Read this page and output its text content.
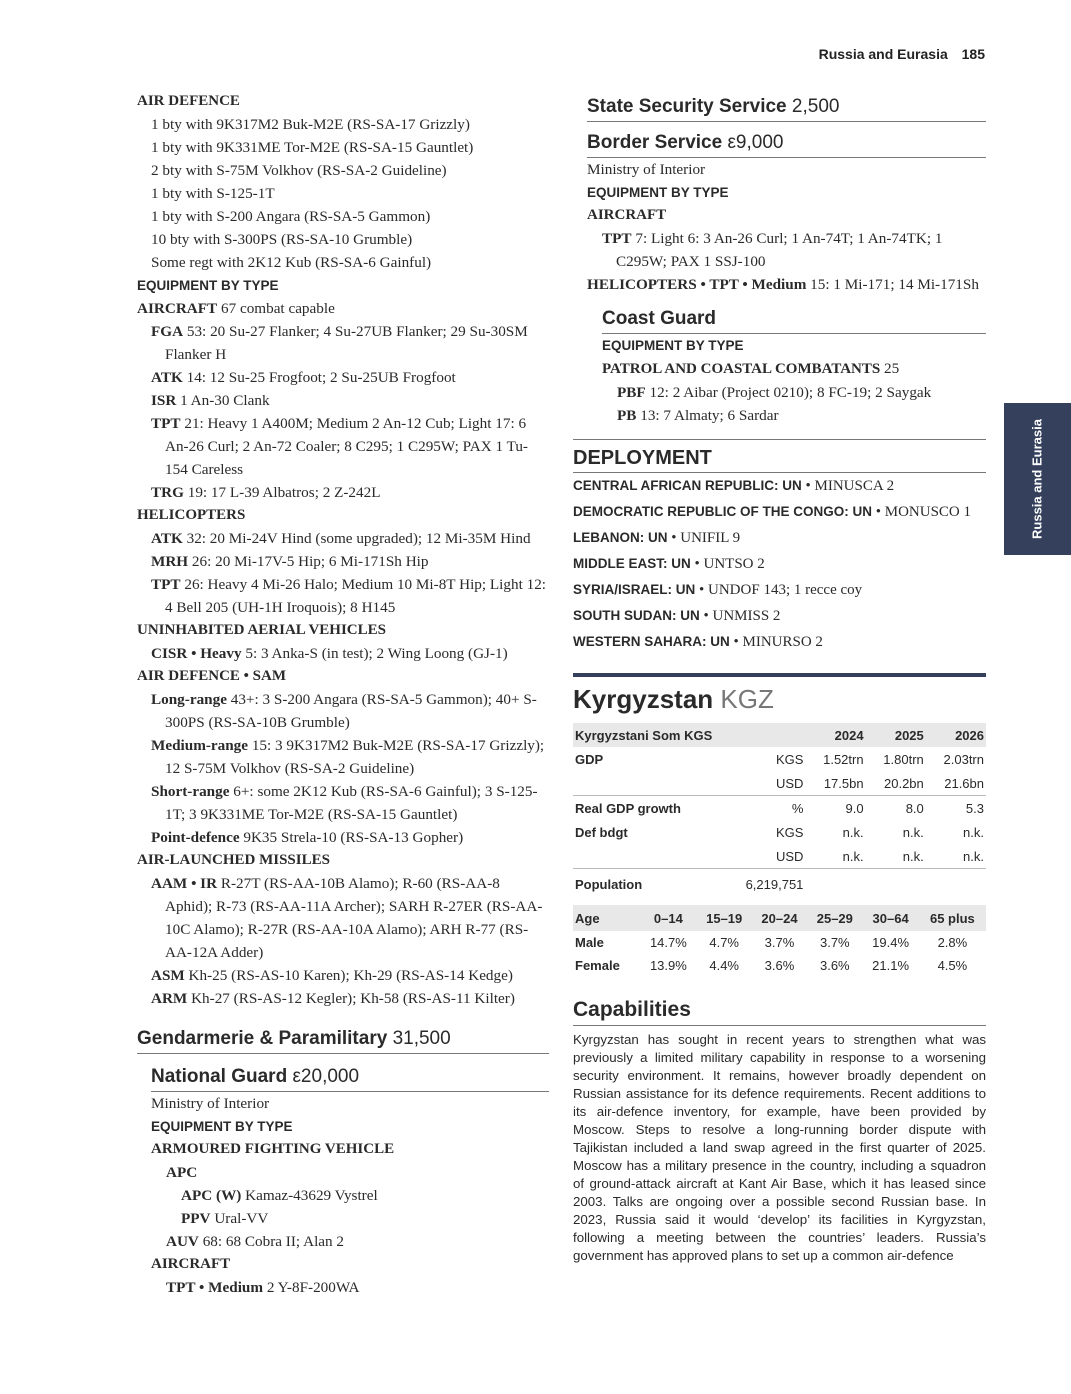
Russia and Eurasia 185
Russia and Eurasia
AIR DEFENCE
1 bty with 9K317M2 Buk-M2E (RS-SA-17 Grizzly)
1 bty with 9K331ME Tor-M2E (RS-SA-15 Gauntlet)
2 bty with S-75M Volkhov (RS-SA-2 Guideline)
1 bty with S-125-1T
1 bty with S-200 Angara (RS-SA-5 Gammon)
10 bty with S-300PS (RS-SA-10 Grumble)
Some regt with 2K12 Kub (RS-SA-6 Gainful)
EQUIPMENT BY TYPE
AIRCRAFT 67 combat capable
FGA 53: 20 Su-27 Flanker; 4 Su-27UB Flanker; 29 Su-30SM Flanker H
ATK 14: 12 Su-25 Frogfoot; 2 Su-25UB Frogfoot
ISR 1 An-30 Clank
TPT 21: Heavy 1 A400M; Medium 2 An-12 Cub; Light 17: 6 An-26 Curl; 2 An-72 Coaler; 8 C295; 1 C295W; PAX 1 Tu-154 Careless
TRG 19: 17 L-39 Albatros; 2 Z-242L
HELICOPTERS
ATK 32: 20 Mi-24V Hind (some upgraded); 12 Mi-35M Hind
MRH 26: 20 Mi-17V-5 Hip; 6 Mi-171Sh Hip
TPT 26: Heavy 4 Mi-26 Halo; Medium 10 Mi-8T Hip; Light 12: 4 Bell 205 (UH-1H Iroquois); 8 H145
UNINHABITED AERIAL VEHICLES
CISR • Heavy 5: 3 Anka-S (in test); 2 Wing Loong (GJ-1)
AIR DEFENCE • SAM
Long-range 43+: 3 S-200 Angara (RS-SA-5 Gammon); 40+ S-300PS (RS-SA-10B Grumble)
Medium-range 15: 3 9K317M2 Buk-M2E (RS-SA-17 Grizzly); 12 S-75M Volkhov (RS-SA-2 Guideline)
Short-range 6+: some 2K12 Kub (RS-SA-6 Gainful); 3 S-125-1T; 3 9K331ME Tor-M2E (RS-SA-15 Gauntlet)
Point-defence 9K35 Strela-10 (RS-SA-13 Gopher)
AIR-LAUNCHED MISSILES
AAM • IR R-27T (RS-AA-10B Alamo); R-60 (RS-AA-8 Aphid); R-73 (RS-AA-11A Archer); SARH R-27ER (RS-AA-10C Alamo); R-27R (RS-AA-10A Alamo); ARH R-77 (RS-AA-12A Adder)
ASM Kh-25 (RS-AS-10 Karen); Kh-29 (RS-AS-14 Kedge)
ARM Kh-27 (RS-AS-12 Kegler); Kh-58 (RS-AS-11 Kilter)
Gendarmerie & Paramilitary 31,500
National Guard ε20,000
Ministry of Interior
EQUIPMENT BY TYPE
ARMOURED FIGHTING VEHICLE
APC
APC (W) Kamaz-43629 Vystrel
PPV Ural-VV
AUV 68: 68 Cobra II; Alan 2
AIRCRAFT
TPT • Medium 2 Y-8F-200WA
State Security Service 2,500
Border Service ε9,000
Ministry of Interior
EQUIPMENT BY TYPE
AIRCRAFT
TPT 7: Light 6: 3 An-26 Curl; 1 An-74T; 1 An-74TK; 1 C295W; PAX 1 SSJ-100
HELICOPTERS • TPT • Medium 15: 1 Mi-171; 14 Mi-171Sh
Coast Guard
EQUIPMENT BY TYPE
PATROL AND COASTAL COMBATANTS 25
PBF 12: 2 Aibar (Project 0210); 8 FC-19; 2 Saygak
PB 13: 7 Almaty; 6 Sardar
DEPLOYMENT
CENTRAL AFRICAN REPUBLIC: UN • MINUSCA 2
DEMOCRATIC REPUBLIC OF THE CONGO: UN • MONUSCO 1
LEBANON: UN • UNIFIL 9
MIDDLE EAST: UN • UNTSO 2
SYRIA/ISRAEL: UN • UNDOF 143; 1 recce coy
SOUTH SUDAN: UN • UNMISS 2
WESTERN SAHARA: UN • MINURSO 2
Kyrgyzstan KGZ
Kyrgyzstani Som KGS		2024	2025	2026
GDP	KGS	1.52trn	1.80trn	2.03trn
	USD	17.5bn	20.2bn	21.6bn
Real GDP growth	%	9.0	8.0	5.3
Def bdgt	KGS	n.k.	n.k.	n.k.
	USD	n.k.	n.k.	n.k.
Population	6,219,751			
Age	0–14	15–19	20–24	25–29	30–64	65 plus
Male	14.7%	4.7%	3.7%	3.7%	19.4%	2.8%
Female	13.9%	4.4%	3.6%	3.6%	21.1%	4.5%
Capabilities
Kyrgyzstan has sought in recent years to strengthen what was previously a limited military capability in response to a worsening security environment. It remains, however broadly dependent on Russian assistance for its defence requirements. Recent additions to its air-defence inventory, for example, have been provided by Moscow. Steps to resolve a long-running border dispute with Tajikistan included a land swap agreed in the first quarter of 2025. Moscow has a military presence in the country, including a squadron of ground-attack aircraft at Kant Air Base, which it has leased since 2003. Talks are ongoing over a possible second Russian base. In 2023, Russia said it would ‘develop’ its facilities in Kyrgyzstan, following a meeting between the countries’ leaders. Russia’s government has approved plans to set up a common air-defence
